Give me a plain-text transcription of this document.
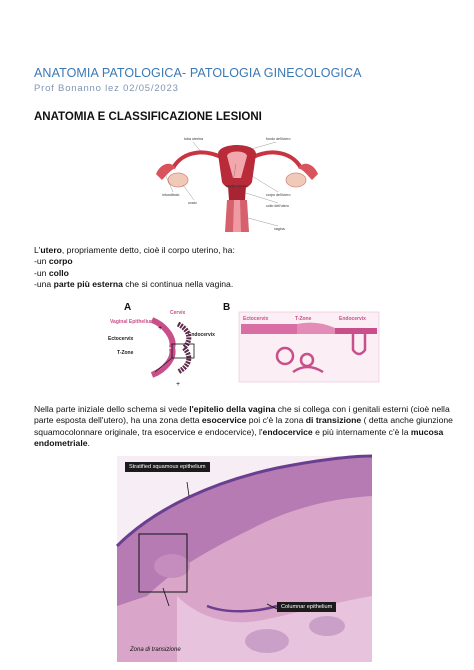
ANATOMIA PATOLOGICA- PATOLOGIA GINECOLOGICA
Prof Bonanno lez 02/05/2023
ANATOMIA E CLASSIFICAZIONE LESIONI
tuba uterina	fondo dell'utero
cavità uterina
infundibolo	corpo dell'utero
ovaio
collo dell'utero
vagina
L'utero, propriamente detto, cioè il corpo uterino, ha:
-un corpo
-un collo
-una parte più esterna che si continua nella vagina.
A	Cervix
Vaginal Epithelium
Endocervix
Ectocervix
T-Zone
+
+
B
Ectocervix	T-Zone	Endocervix
Nella parte iniziale dello schema si vede l'epitelio della vagina che si collega con i genitali esterni (cioè nella
parte esposta dell'utero), ha una zona detta esocervice poi c'è la zona di transizione ( detta anche giunzione
squamocolonnare originale, tra esocervice e endocervice), l'endocervice e più internamente c'è la mucosa
endometriale.
Stratified squamous epithelium
Columnar epithelium
Zona di transizione
